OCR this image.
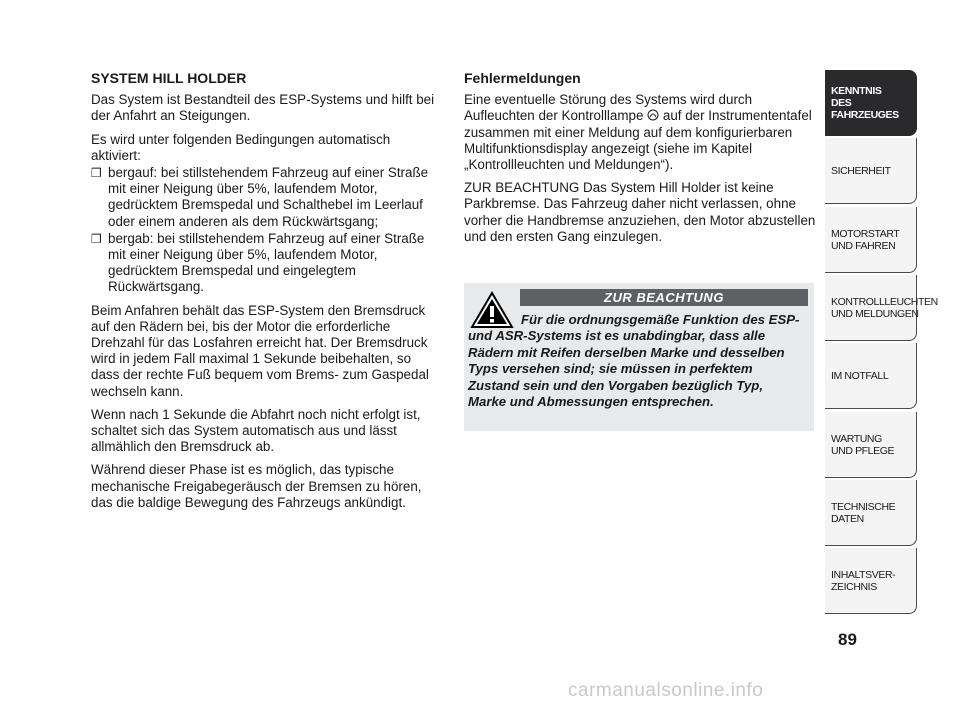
SYSTEM HILL HOLDER

Das System ist Bestandteil des ESP-Systems und hilft bei der Anfahrt an Steigungen.

Es wird unter folgenden Bedingungen automatisch aktiviert:

❒ bergauf: bei stillstehendem Fahrzeug auf einer Straße mit einer Neigung über 5%, laufendem Motor, gedrücktem Bremspedal und Schalthebel im Leerlauf oder einem anderen als dem Rückwärtsgang;
❒ bergab: bei stillstehendem Fahrzeug auf einer Straße mit einer Neigung über 5%, laufendem Motor, gedrücktem Bremspedal und eingelegtem Rückwärtsgang.

Beim Anfahren behält das ESP-System den Bremsdruck auf den Rädern bei, bis der Motor die erforderliche Drehzahl für das Losfahren erreicht hat. Der Bremsdruck wird in jedem Fall maximal 1 Sekunde beibehalten, so dass der rechte Fuß bequem vom Brems- zum Gaspedal wechseln kann.

Wenn nach 1 Sekunde die Abfahrt noch nicht erfolgt ist, schaltet sich das System automatisch aus und lässt allmählich den Bremsdruck ab.

Während dieser Phase ist es möglich, das typische mechanische Freigabegeräusch der Bremsen zu hören, das die baldige Bewegung des Fahrzeugs ankündigt.

Fehlermeldungen

Eine eventuelle Störung des Systems wird durch Aufleuchten der Kontrolllampe auf der Instrumententafel zusammen mit einer Meldung auf dem konfigurierbaren Multifunktionsdisplay angezeigt (siehe im Kapitel „Kontrollleuchten und Meldungen“).

ZUR BEACHTUNG Das System Hill Holder ist keine Parkbremse. Das Fahrzeug daher nicht verlassen, ohne vorher die Handbremse anzuziehen, den Motor abzustellen und den ersten Gang einzulegen.

ZUR BEACHTUNG
Für die ordnungsgemäße Funktion des ESP- und ASR-Systems ist es unabdingbar, dass alle Rädern mit Reifen derselben Marke und desselben Typs versehen sind; sie müssen in perfektem Zustand sein und den Vorgaben bezüglich Typ, Marke und Abmessungen entsprechen.
KENNTNIS
DES FAHRZEUGES
SICHERHEIT
MOTORSTART
UND FAHREN
KONTROLLLEUCHTEN
UND MELDUNGEN
IM NOTFALL
WARTUNG
UND PFLEGE
TECHNISCHE
DATEN
INHALTSVER-
ZEICHNIS
89
carmanualsonline.info
